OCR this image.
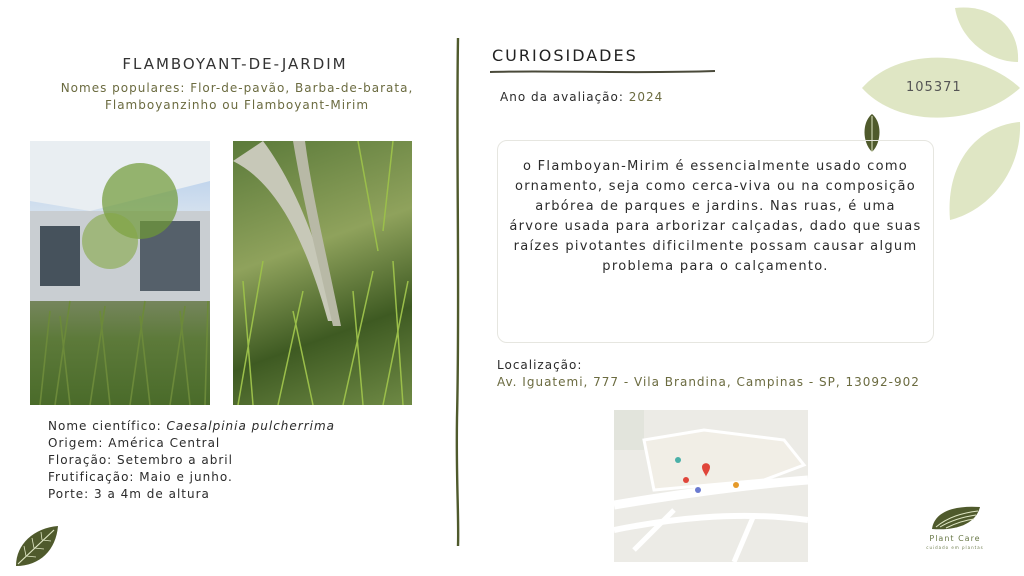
105371
FLAMBOYANT-DE-JARDIM
Nomes populares: Flor-de-pavão, Barba-de-barata, Flamboyanzinho ou Flamboyant-Mirim
Nome científico: Caesalpinia pulcherrima
Origem: América Central
Floração: Setembro a abril
Frutificação: Maio e junho.
Porte: 3 a 4m de altura
CURIOSIDADES
Ano da avaliação: 2024
o Flamboyan-Mirim é essencialmente usado como ornamento, seja como cerca-viva ou na composição arbórea de parques e jardins. Nas ruas, é uma árvore usada para arborizar calçadas, dado que suas raízes pivotantes dificilmente possam causar algum problema para o calçamento.
Localização:
Av. Iguatemi, 777 - Vila Brandina, Campinas - SP, 13092-902
Plant Care
cuidado em plantas
